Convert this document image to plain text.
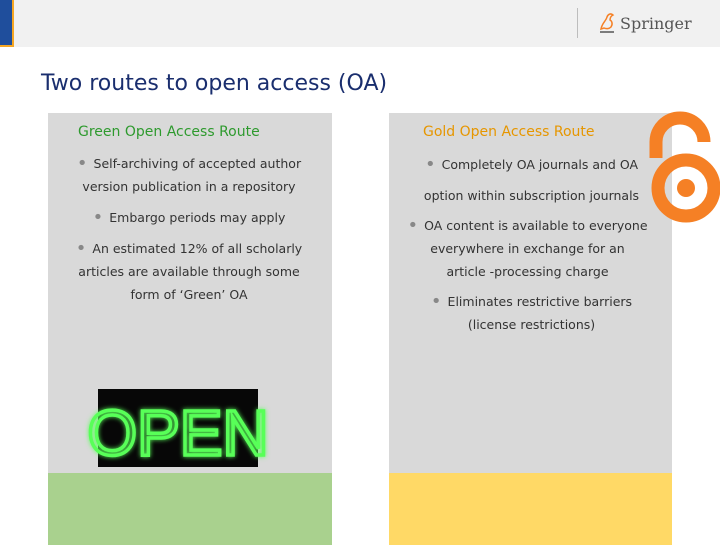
Springer
Two routes to open access (OA)
Green Open Access Route
• Self-archiving of accepted author
version publication in a repository
• Embargo periods may apply
• An estimated 12% of all scholarly
articles are available through some
form of ‘Green’ OA
OPEN
Gold Open Access Route
• Completely OA journals and OA
option within subscription journals
• OA content is available to everyone
everywhere in exchange for an
article -processing charge
• Eliminates restrictive barriers
(license restrictions)
